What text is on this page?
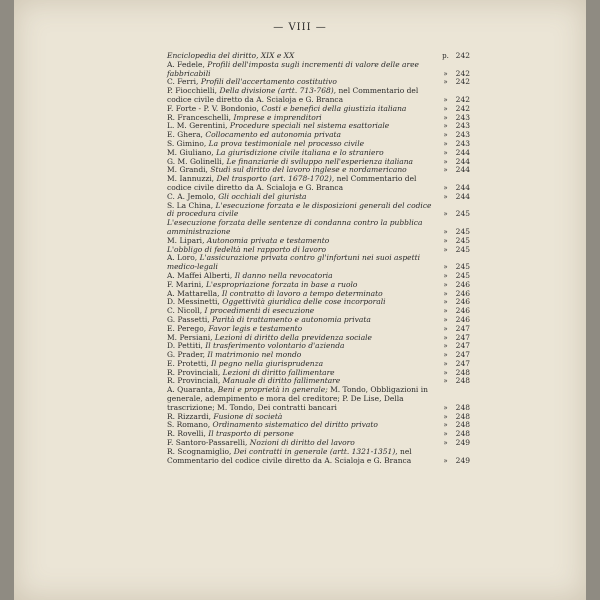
— VIII —
Enciclopedia del diritto, XIX e XX	p. 242
A. Fedele, Profili dell'imposta sugli incrementi di valore delle aree fabbricabili	»	242
C. Ferri, Profili dell'accertamento costitutivo	»	242
P. Fiocchielli, Della divisione (artt. 713-768), nel Commentario del codice civile diretto da A. Scialoja e G. Branca	»	242
F. Forte - P. V. Bondonio, Costi e benefici della giustizia italiana	»	242
R. Franceschelli, Imprese e imprenditori	»	243
L. M. Gerentini, Procedure speciali nel sistema esattoriale	»	243
E. Ghera, Collocamento ed autonomia privata	»	243
S. Gimino, La prova testimoniale nel processo civile	»	243
M. Giuliano, La giurisdizione civile italiana e lo straniero	»	244
G. M. Golinelli, Le finanziarie di sviluppo nell'esperienza italiana	»	244
M. Grandi, Studi sul diritto del lavoro inglese e nordamericano	»	244
M. Iannuzzi, Del trasporto (art. 1678-1702), nel Commentario del codice civile diretto da A. Scialoja e G. Branca	»	244
C. A. Jemolo, Gli occhiali del giurista	»	244
S. La China, L'esecuzione forzata e le disposizioni generali del codice di procedura civile	»	245
L'esecuzione forzata delle sentenze di condanna contro la pubblica amministrazione	»	245
M. Lipari, Autonomia privata e testamento	»	245
L'obbligo di fedeltà nel rapporto di lavoro	»	245
A. Loro, L'assicurazione privata contro gl'infortuni nei suoi aspetti medico-legali	»	245
A. Maffei Alberti, Il danno nella revocatoria	»	245
F. Marini, L'espropriazione forzata in base a ruolo	»	246
A. Mattarella, Il contratto di lavoro a tempo determinato	»	246
D. Messinetti, Oggettività giuridica delle cose incorporali	»	246
C. Nicoll, I procedimenti di esecuzione	»	246
G. Passetti, Parità di trattamento e autonomia privata	»	246
E. Perego, Favor legis e testamento	»	247
M. Persiani, Lezioni di diritto della previdenza sociale	»	247
D. Pettiti, Il trasferimento volontario d'azienda	»	247
G. Prader, Il matrimonio nel mondo	»	247
E. Protetti, Il pegno nella giurisprudenza	»	247
R. Provinciali, Lezioni di diritto fallimentare	»	248
R. Provinciali, Manuale di diritto fallimentare	»	248
A. Quaranta, Beni e proprietà in generale; M. Tondo, Obbligazioni in generale, adempimento e mora del creditore; P. De Lise, Della trascrizione; M. Tondo, Dei contratti bancari	»	248
R. Rizzardi, Fusione di società	»	248
S. Romano, Ordinamento sistematico del diritto privato	»	248
R. Rovelli, Il trasporto di persone	»	248
F. Santoro-Passarelli, Nozioni di diritto del lavoro	»	249
R. Scognamiglio, Dei contratti in generale (artt. 1321-1351), nel Commentario del codice civile diretto da A. Scialoja e G. Branca	»	249
